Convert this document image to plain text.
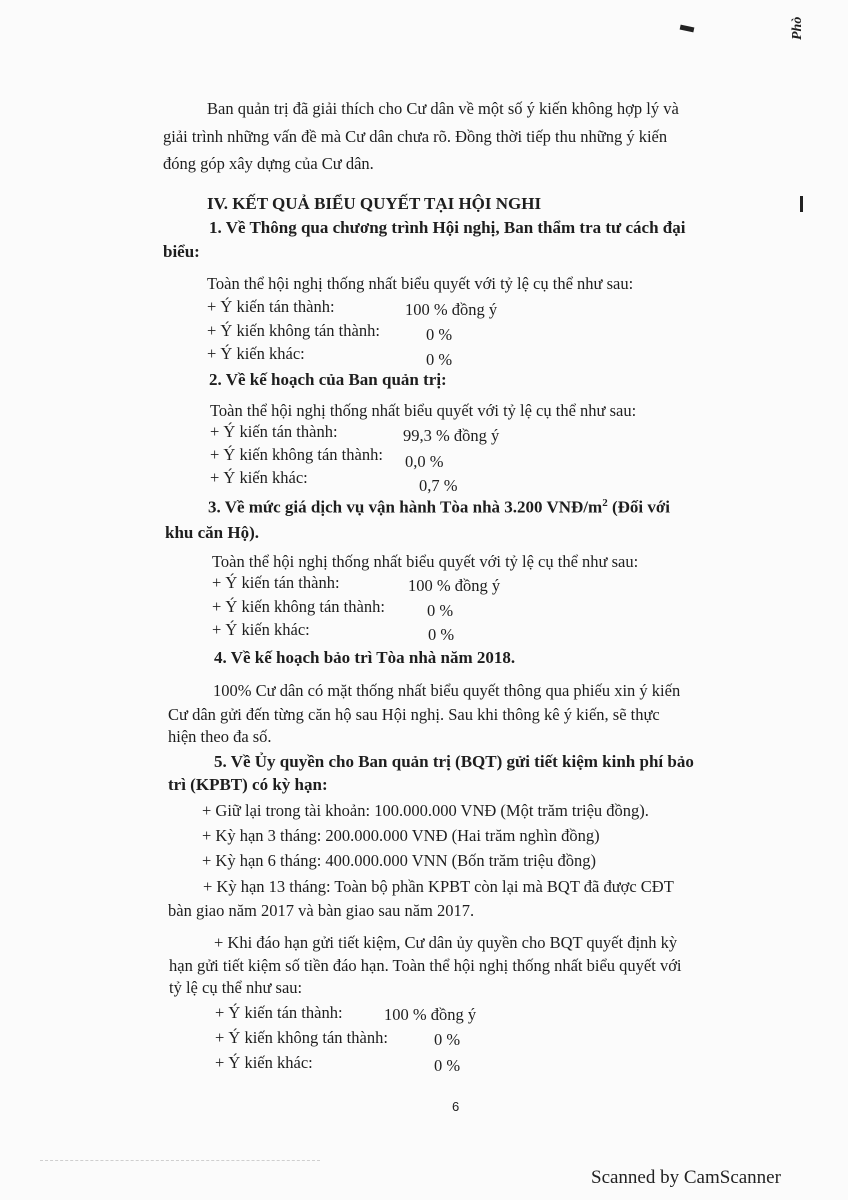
Phò
Ban quản trị đã giải thích cho Cư dân về một số ý kiến không hợp lý và
giải trình những vấn đề mà Cư dân chưa rõ. Đồng thời tiếp thu những ý kiến
đóng góp xây dựng của Cư dân.
IV. KẾT QUẢ BIỂU QUYẾT TẠI HỘI NGHI
1. Về Thông qua chương trình Hội nghị, Ban thẩm tra tư cách đại
biểu:
Toàn thể hội nghị thống nhất biểu quyết với tỷ lệ cụ thể như sau:
+ Ý kiến tán thành:	100 % đồng ý
+ Ý kiến không tán thành:	0 %
+ Ý kiến khác:	0 %
2. Về kế hoạch của Ban quản trị:
Toàn thể hội nghị thống nhất biểu quyết với tỷ lệ cụ thể như sau:
+ Ý kiến tán thành:	99,3 % đồng ý
+ Ý kiến không tán thành: 0,0 %
+ Ý kiến khác:	0,7 %
3. Về mức giá dịch vụ vận hành Tòa nhà 3.200 VNĐ/$m^2$ (Đối với
khu căn Hộ).
Toàn thể hội nghị thống nhất biểu quyết với tỷ lệ cụ thể như sau:
+ Ý kiến tán thành:	100 % đồng ý
+ Ý kiến không tán thành:	0 %
+ Ý kiến khác:	0 %
4. Về kế hoạch bảo trì Tòa nhà năm 2018.
100% Cư dân có mặt thống nhất biểu quyết thông qua phiếu xin ý kiến
Cư dân gửi đến từng căn hộ sau Hội nghị. Sau khi thông kê ý kiến, sẽ thực
hiện theo đa số.
5. Về Ủy quyền cho Ban quản trị (BQT) gửi tiết kiệm kinh phí bảo
trì (KPBT) có kỳ hạn:
+ Giữ lại trong tài khoản: 100.000.000 VNĐ (Một trăm triệu đồng).
+ Kỳ hạn 3 tháng: 200.000.000 VNĐ (Hai trăm nghìn đồng)
+ Kỳ hạn 6 tháng: 400.000.000 VNN (Bốn trăm triệu đồng)
+ Kỳ hạn 13 tháng: Toàn bộ phần KPBT còn lại mà BQT đã được CĐT
bàn giao năm 2017 và bàn giao sau năm 2017.
+ Khi đáo hạn gửi tiết kiệm, Cư dân ủy quyền cho BQT quyết định kỳ
hạn gửi tiết kiệm số tiền đáo hạn. Toàn thể hội nghị thống nhất biểu quyết với
tỷ lệ cụ thể như sau:
+ Ý kiến tán thành:	100 % đồng ý
+ Ý kiến không tán thành:	0 %
+ Ý kiến khác:	0 %
6
Scanned by CamScanner
